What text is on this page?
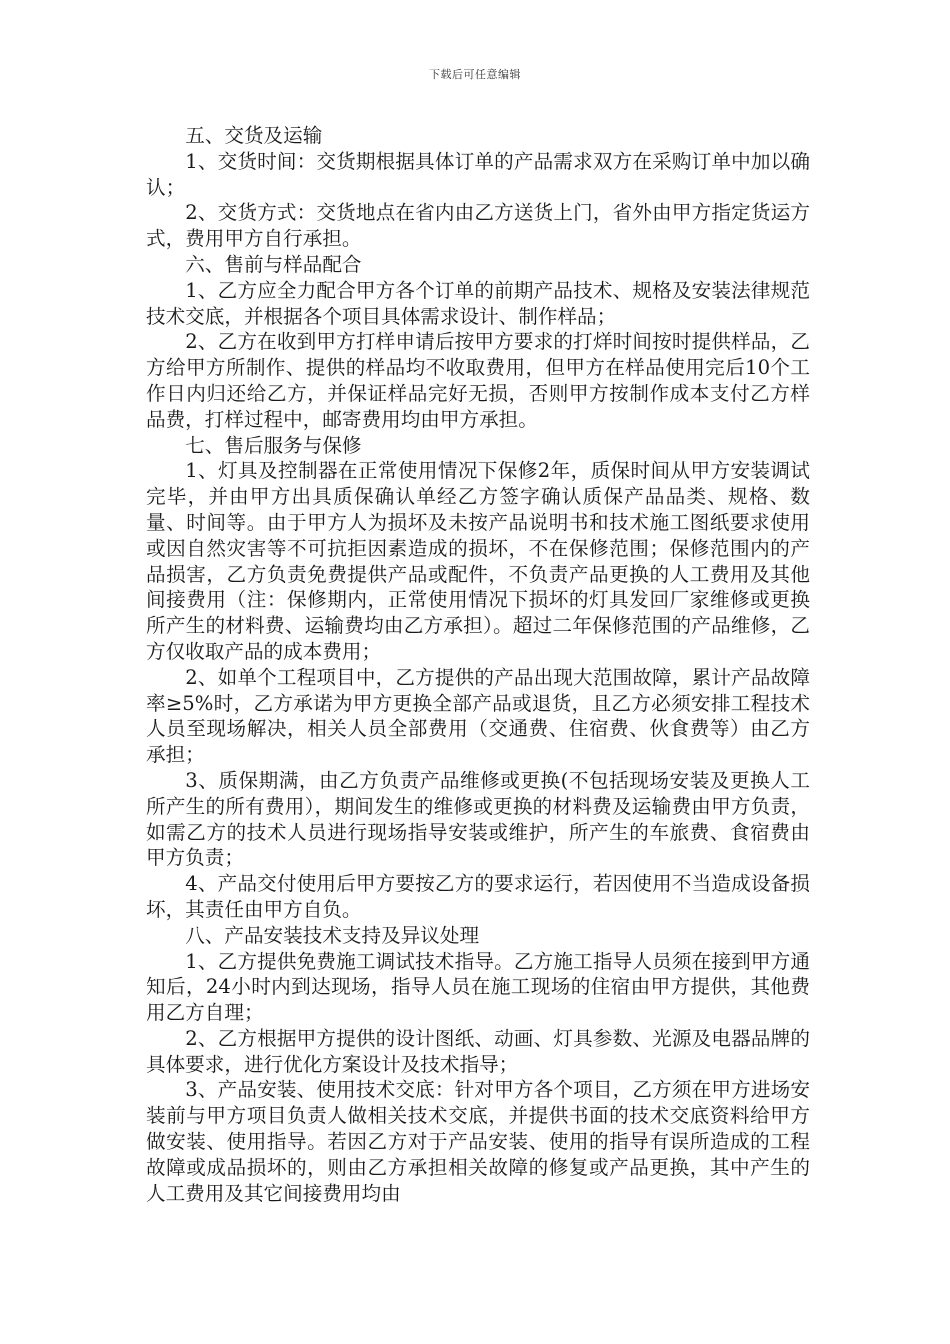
下载后可任意编辑

五、交货及运输

1、交货时间：交货期根据具体订单的产品需求双方在采购订单中加以确认；

2、交货方式：交货地点在省内由乙方送货上门，省外由甲方指定货运方式，费用甲方自行承担。

六、售前与样品配合

1、乙方应全力配合甲方各个订单的前期产品技术、规格及安装法律规范技术交底，并根据各个项目具体需求设计、制作样品；

2、乙方在收到甲方打样申请后按甲方要求的打烊时间按时提供样品，乙方给甲方所制作、提供的样品均不收取费用，但甲方在样品使用完后10个工作日内归还给乙方，并保证样品完好无损，否则甲方按制作成本支付乙方样品费，打样过程中，邮寄费用均由甲方承担。

七、售后服务与保修

1、灯具及控制器在正常使用情况下保修2年，质保时间从甲方安装调试完毕，并由甲方出具质保确认单经乙方签字确认质保产品品类、规格、数量、时间等。由于甲方人为损坏及未按产品说明书和技术施工图纸要求使用或因自然灾害等不可抗拒因素造成的损坏，不在保修范围；保修范围内的产品损害，乙方负责免费提供产品或配件，不负责产品更换的人工费用及其他间接费用（注：保修期内，正常使用情况下损坏的灯具发回厂家维修或更换所产生的材料费、运输费均由乙方承担）。超过二年保修范围的产品维修，乙方仅收取产品的成本费用；

2、如单个工程项目中，乙方提供的产品出现大范围故障，累计产品故障率≥5%时，乙方承诺为甲方更换全部产品或退货，且乙方必须安排工程技术人员至现场解决，相关人员全部费用（交通费、住宿费、伙食费等）由乙方承担；

3、质保期满，由乙方负责产品维修或更换(不包括现场安装及更换人工所产生的所有费用），期间发生的维修或更换的材料费及运输费由甲方负责，如需乙方的技术人员进行现场指导安装或维护，所产生的车旅费、食宿费由甲方负责；

4、产品交付使用后甲方要按乙方的要求运行，若因使用不当造成设备损坏，其责任由甲方自负。

八、产品安装技术支持及异议处理

1、乙方提供免费施工调试技术指导。乙方施工指导人员须在接到甲方通知后，24小时内到达现场，指导人员在施工现场的住宿由甲方提供，其他费用乙方自理；

2、乙方根据甲方提供的设计图纸、动画、灯具参数、光源及电器品牌的具体要求，进行优化方案设计及技术指导；

3、产品安装、使用技术交底：针对甲方各个项目，乙方须在甲方进场安装前与甲方项目负责人做相关技术交底，并提供书面的技术交底资料给甲方做安装、使用指导。若因乙方对于产品安装、使用的指导有误所造成的工程故障或成品损坏的，则由乙方承担相关故障的修复或产品更换，其中产生的人工费用及其它间接费用均由
